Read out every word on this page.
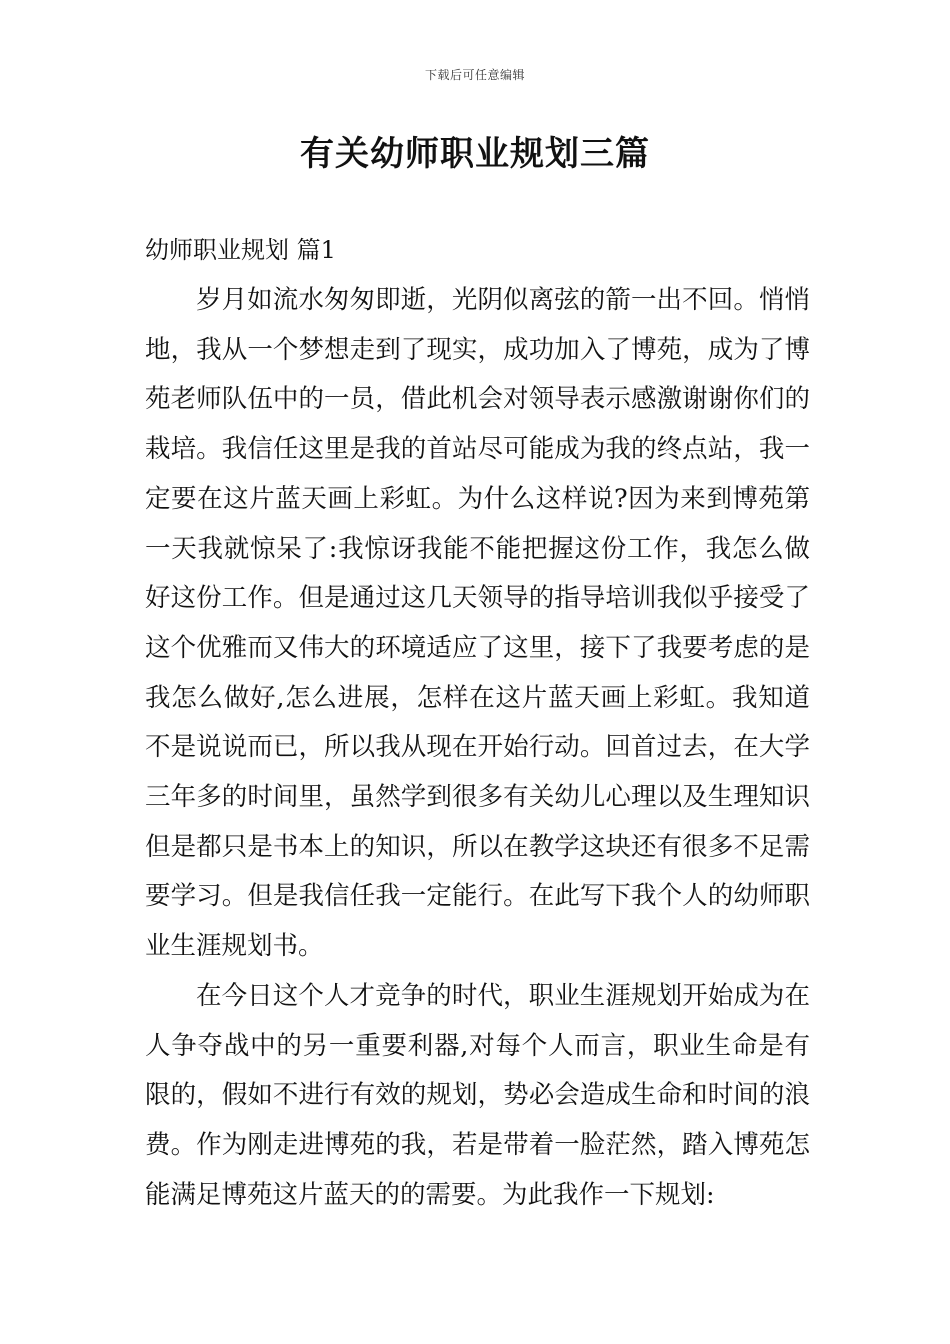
下载后可任意编辑
有关幼师职业规划三篇
幼师职业规划 篇1

岁月如流水匆匆即逝，光阴似离弦的箭一出不回。悄悄地，我从一个梦想走到了现实，成功加入了博苑，成为了博苑老师队伍中的一员，借此机会对领导表示感激谢谢你们的栽培。我信任这里是我的首站尽可能成为我的终点站，我一定要在这片蓝天画上彩虹。为什么这样说?因为来到博苑第一天我就惊呆了:我惊讶我能不能把握这份工作，我怎么做好这份工作。但是通过这几天领导的指导培训我似乎接受了这个优雅而又伟大的环境适应了这里，接下了我要考虑的是我怎么做好,怎么进展，怎样在这片蓝天画上彩虹。我知道不是说说而已，所以我从现在开始行动。回首过去，在大学三年多的时间里，虽然学到很多有关幼儿心理以及生理知识但是都只是书本上的知识，所以在教学这块还有很多不足需要学习。但是我信任我一定能行。在此写下我个人的幼师职业生涯规划书。

在今日这个人才竞争的时代，职业生涯规划开始成为在人争夺战中的另一重要利器,对每个人而言，职业生命是有限的，假如不进行有效的规划，势必会造成生命和时间的浪费。作为刚走进博苑的我，若是带着一脸茫然，踏入博苑怎能满足博苑这片蓝天的的需要。为此我作一下规划:
